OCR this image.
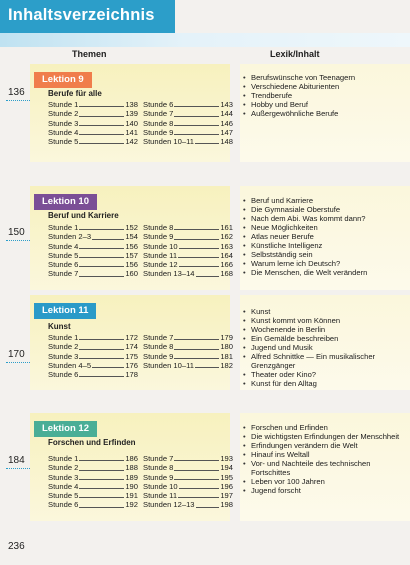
Inhaltsverzeichnis
Themen	Lexik/Inhalt
136
150
170
184
Lektion 9
Berufe für alle
Stunde 1	138
Stunde 2	139
Stunde 3	140
Stunde 4	141
Stunde 5	142
Stunde 6	143
Stunde 7	144
Stunde 8	146
Stunde 9	147
Stunden 10–11	148
• Berufswünsche von Teenagern
• Verschiedene Abiturienten
• Trendberufe
• Hobby und Beruf
• Außergewöhnliche Berufe
Lektion 10
Beruf und Karriere
Stunde 1	152
Stunden 2–3	154
Stunde 4	156
Stunde 5	157
Stunde 6	156
Stunde 7	160
Stunde 8	161
Stunde 9	162
Stunde 10	163
Stunde 11	164
Stunde 12	166
Stunden 13–14	168
• Beruf und Karriere
• Die Gymnasiale Oberstufe
• Nach dem Abi. Was kommt dann?
• Neue Möglichkeiten
• Atlas neuer Berufe
• Künstliche Intelligenz
• Selbstständig sein
• Warum lerne ich Deutsch?
• Die Menschen, die Welt verändern
Lektion 11
Kunst
Stunde 1	172
Stunde 2	174
Stunde 3	175
Stunden 4–5	176
Stunde 6	178
Stunde 7	179
Stunde 8	180
Stunde 9	181
Stunden 10–11	182
• Kunst
• Kunst kommt vom Können
• Wochenende in Berlin
• Ein Gemälde beschreiben
• Jugend und Musik
• Alfred Schnittke — Ein musikalischer Grenzgänger
• Theater oder Kino?
• Kunst für den Alltag
Lektion 12
Forschen und Erfinden
Stunde 1	186
Stunde 2	188
Stunde 3	189
Stunde 4	190
Stunde 5	191
Stunde 6	192
Stunde 7	193
Stunde 8	194
Stunde 9	195
Stunde 10	196
Stunde 11	197
Stunden 12–13	198
• Forschen und Erfinden
• Die wichtigsten Erfindungen der Menschheit
• Erfindungen verändern die Welt
• Hinauf ins Weltall
• Vor- und Nachteile des technischen Fortschittes
• Leben vor 100 Jahren
• Jugend forscht
236
